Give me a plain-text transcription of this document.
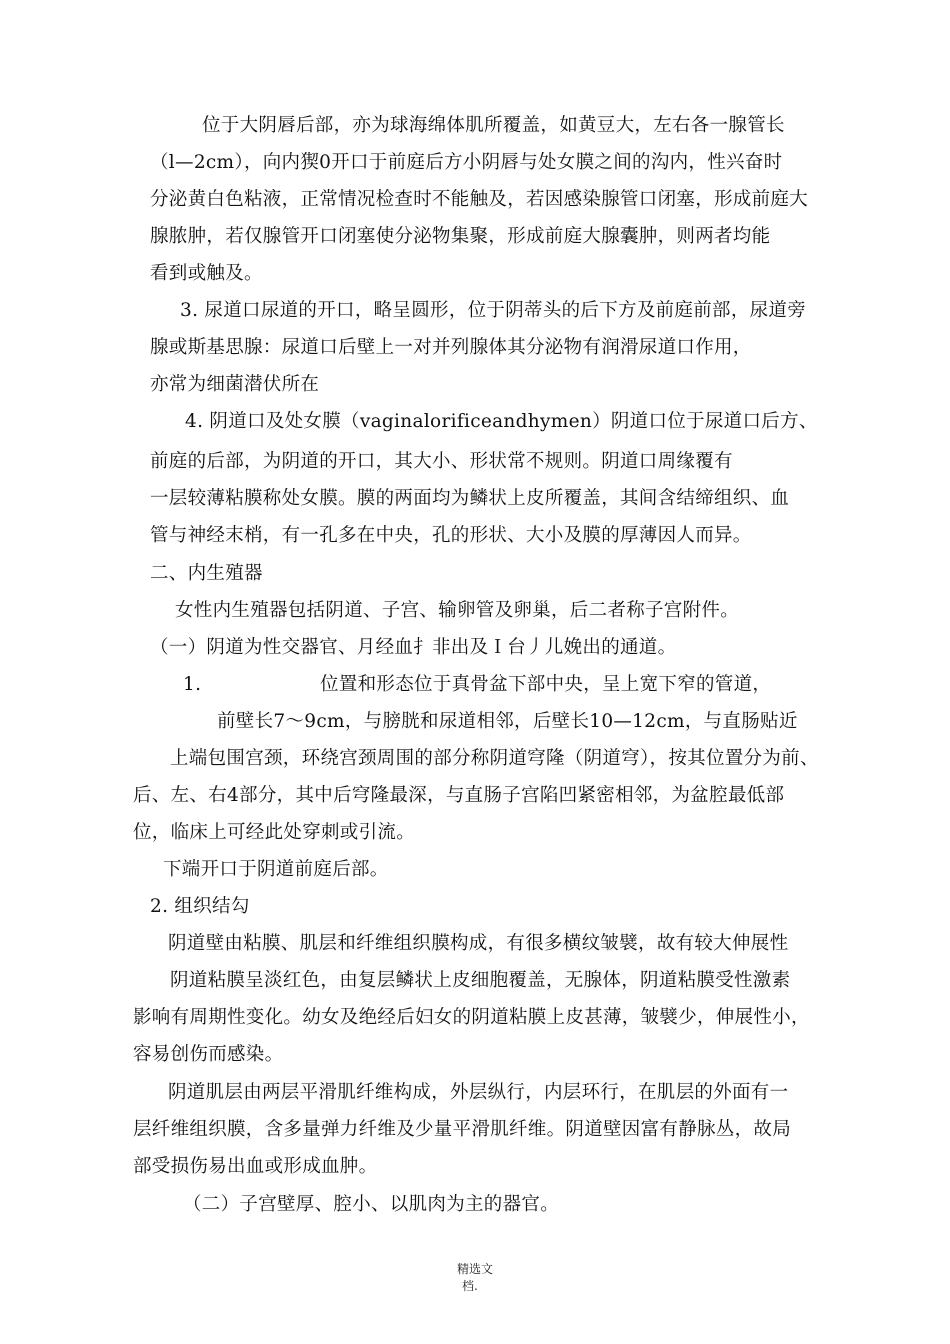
位于大阴唇后部，亦为球海绵体肌所覆盖，如黄豆大，左右各一腺管长
（l—2cm），向内猰0开口于前庭后方小阴唇与处女膜之间的沟内，性兴奋时
分泌黄白色粘液，正常情况检查时不能触及，若因感染腺管口闭塞，形成前庭大
腺脓肿，若仅腺管开口闭塞使分泌物集聚，形成前庭大腺囊肿，则两者均能
看到或触及。
3. 尿道口尿道的开口，略呈圆形，位于阴蒂头的后下方及前庭前部，尿道旁
腺或斯基思腺：尿道口后壁上一对并列腺体其分泌物有润滑尿道口作用，
亦常为细菌潜伏所在
4. 阴道口及处女膜（vaginalorificeandhymen）阴道口位于尿道口后方、
前庭的后部，为阴道的开口，其大小、形状常不规则。阴道口周缘覆有
一层较薄粘膜称处女膜。膜的两面均为鳞状上皮所覆盖，其间含结缔组织、血
管与神经末梢，有一孔多在中央，孔的形状、大小及膜的厚薄因人而异。
二、内生殖器
女性内生殖器包括阴道、子宫、输卵管及卵巢，后二者称子宫附件。
（一）阴道为性交器官、月经血扌非出及Ｉ台丿儿娩出的通道。
1.	位置和形态位于真骨盆下部中央，呈上宽下窄的管道，
前壁长7～9cm，与膀胱和尿道相邻，后壁长10—12cm，与直肠贴近
上端包围宫颈，环绕宫颈周围的部分称阴道穹隆（阴道穹），按其位置分为前、
后、左、右4部分，其中后穹隆最深，与直肠子宫陷凹紧密相邻，为盆腔最低部
位，临床上可经此处穿刺或引流。
下端开口于阴道前庭后部。
2. 组织结勾
阴道壁由粘膜、肌层和纤维组织膜构成，有很多横纹皱襞，故有较大伸展性
阴道粘膜呈淡红色，由复层鳞状上皮细胞覆盖，无腺体，阴道粘膜受性激素
影响有周期性变化。幼女及绝经后妇女的阴道粘膜上皮甚薄，皱襞少，伸展性小，
容易创伤而感染。
阴道肌层由两层平滑肌纤维构成，外层纵行，内层环行，在肌层的外面有一
层纤维组织膜，含多量弹力纤维及少量平滑肌纤维。阴道壁因富有静脉丛，故局
部受损伤易出血或形成血肿。
（二）子宫壁厚、腔小、以肌肉为主的器官。
精选文
档.
